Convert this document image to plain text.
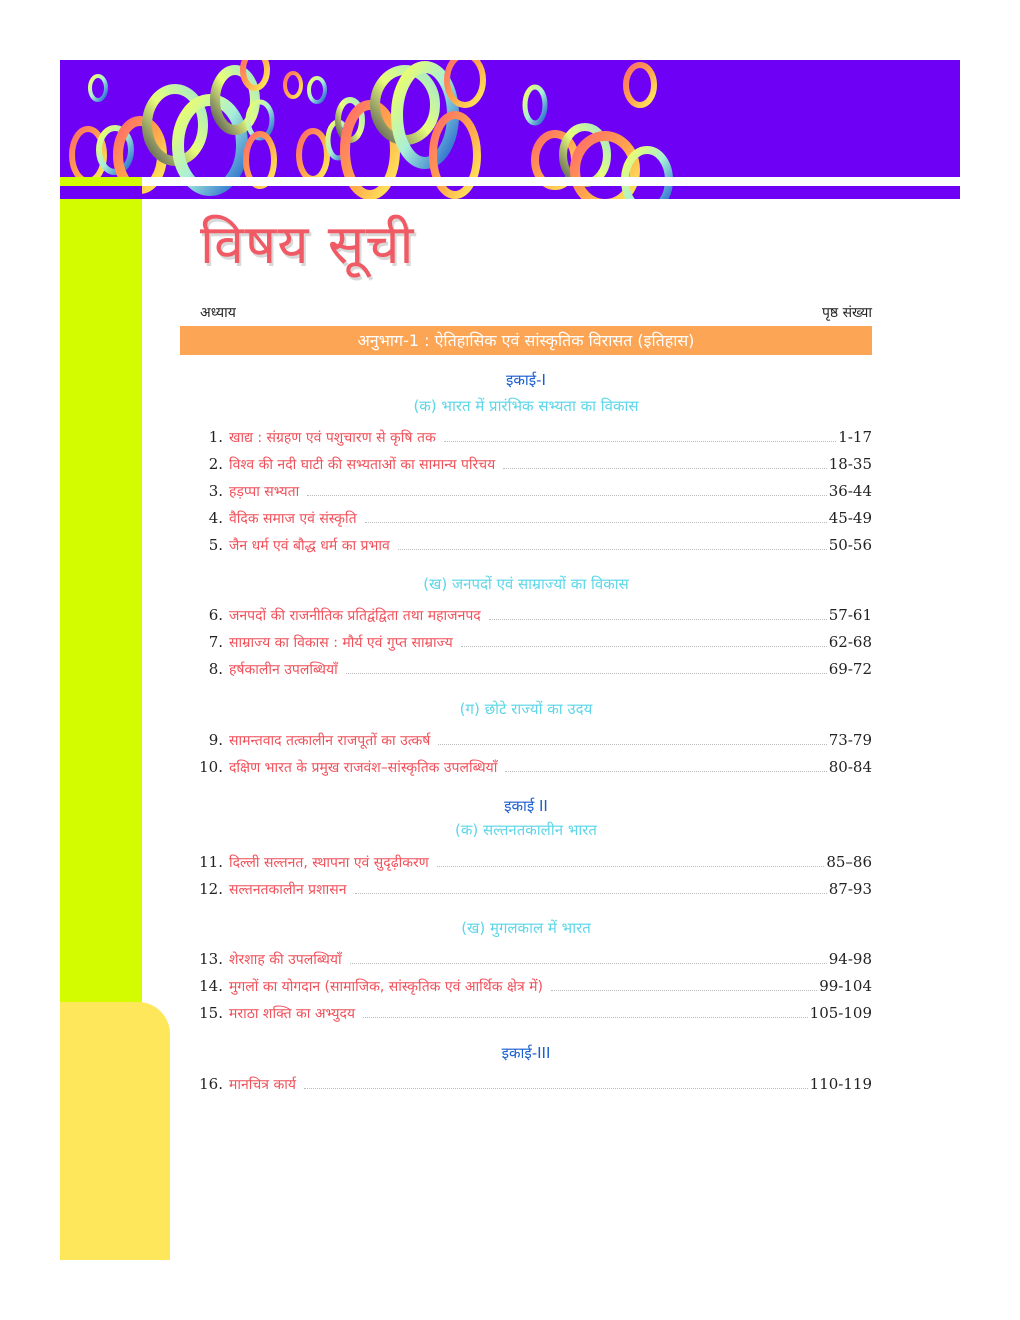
विषय सूची
अध्याय	पृष्ठ संख्या
अनुभाग-1 : ऐतिहासिक एवं सांस्कृतिक विरासत (इतिहास)
इकाई-I
(क) भारत में प्रारंभिक सभ्यता का विकास
1. खाद्य : संग्रहण एवं पशुचारण से कृषि तक	1-17
2. विश्व की नदी घाटी की सभ्यताओं का सामान्य परिचय	18-35
3. हड़प्पा सभ्यता	36-44
4. वैदिक समाज एवं संस्कृति	45-49
5. जैन धर्म एवं बौद्ध धर्म का प्रभाव	50-56
(ख) जनपदों एवं साम्राज्यों का विकास
6. जनपदों की राजनीतिक प्रतिद्वंद्विता तथा महाजनपद	57-61
7. साम्राज्य का विकास : मौर्य एवं गुप्त साम्राज्य	62-68
8. हर्षकालीन उपलब्धियाँ	69-72
(ग) छोटे राज्यों का उदय
9. सामन्तवाद तत्कालीन राजपूतों का उत्कर्ष	73-79
10. दक्षिण भारत के प्रमुख राजवंश–सांस्कृतिक उपलब्धियाँ	80-84
इकाई II
(क) सल्तनतकालीन भारत
11. दिल्ली सल्तनत, स्थापना एवं सुदृढ़ीकरण	85–86
12. सल्तनतकालीन प्रशासन	87-93
(ख) मुगलकाल में भारत
13. शेरशाह की उपलब्धियाँ	94-98
14. मुगलों का योगदान (सामाजिक, सांस्कृतिक एवं आर्थिक क्षेत्र में)	99-104
15. मराठा शक्ति का अभ्युदय	105-109
इकाई-III
16. मानचित्र कार्य	110-119
